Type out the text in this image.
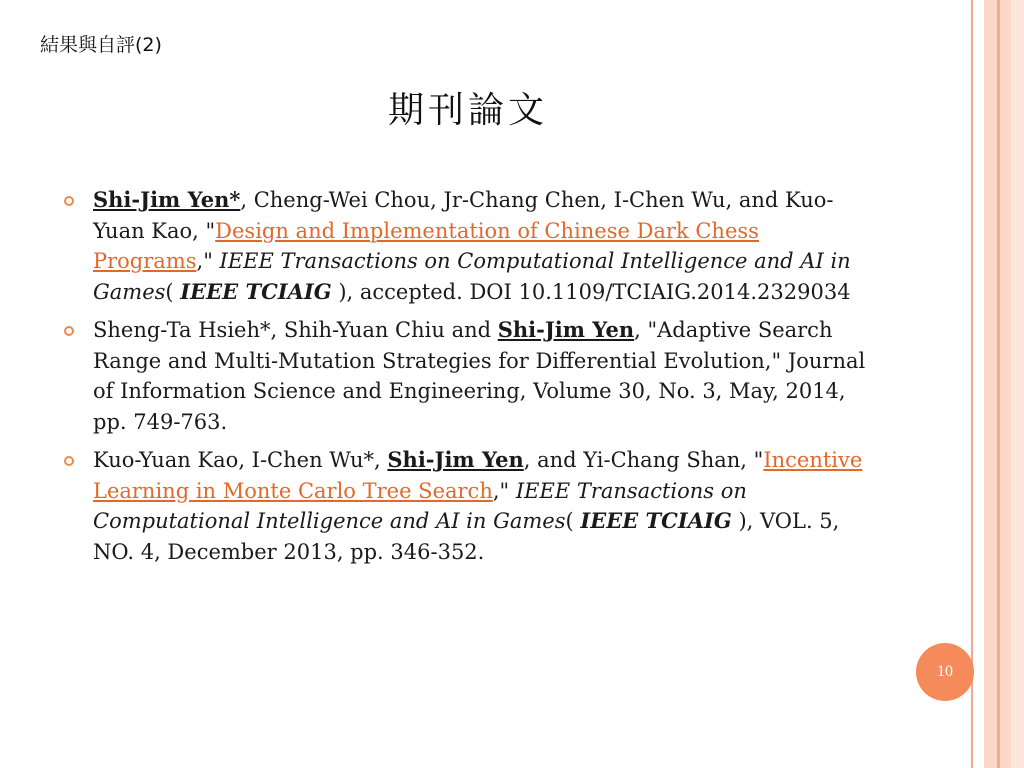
結果與自評(2)
期刊論文
Shi-Jim Yen*, Cheng-Wei Chou, Jr-Chang Chen, I-Chen Wu, and Kuo-Yuan Kao, "Design and Implementation of Chinese Dark Chess Programs," IEEE Transactions on Computational Intelligence and AI in Games( IEEE TCIAIG ), accepted. DOI 10.1109/TCIAIG.2014.2329034
Sheng-Ta Hsieh*, Shih-Yuan Chiu and Shi-Jim Yen, "Adaptive Search Range and Multi-Mutation Strategies for Differential Evolution," Journal of Information Science and Engineering, Volume 30, No. 3, May, 2014, pp. 749-763.
Kuo-Yuan Kao, I-Chen Wu*, Shi-Jim Yen, and Yi-Chang Shan, "Incentive Learning in Monte Carlo Tree Search," IEEE Transactions on Computational Intelligence and AI in Games( IEEE TCIAIG ), VOL. 5, NO. 4, December 2013, pp. 346-352.
10
